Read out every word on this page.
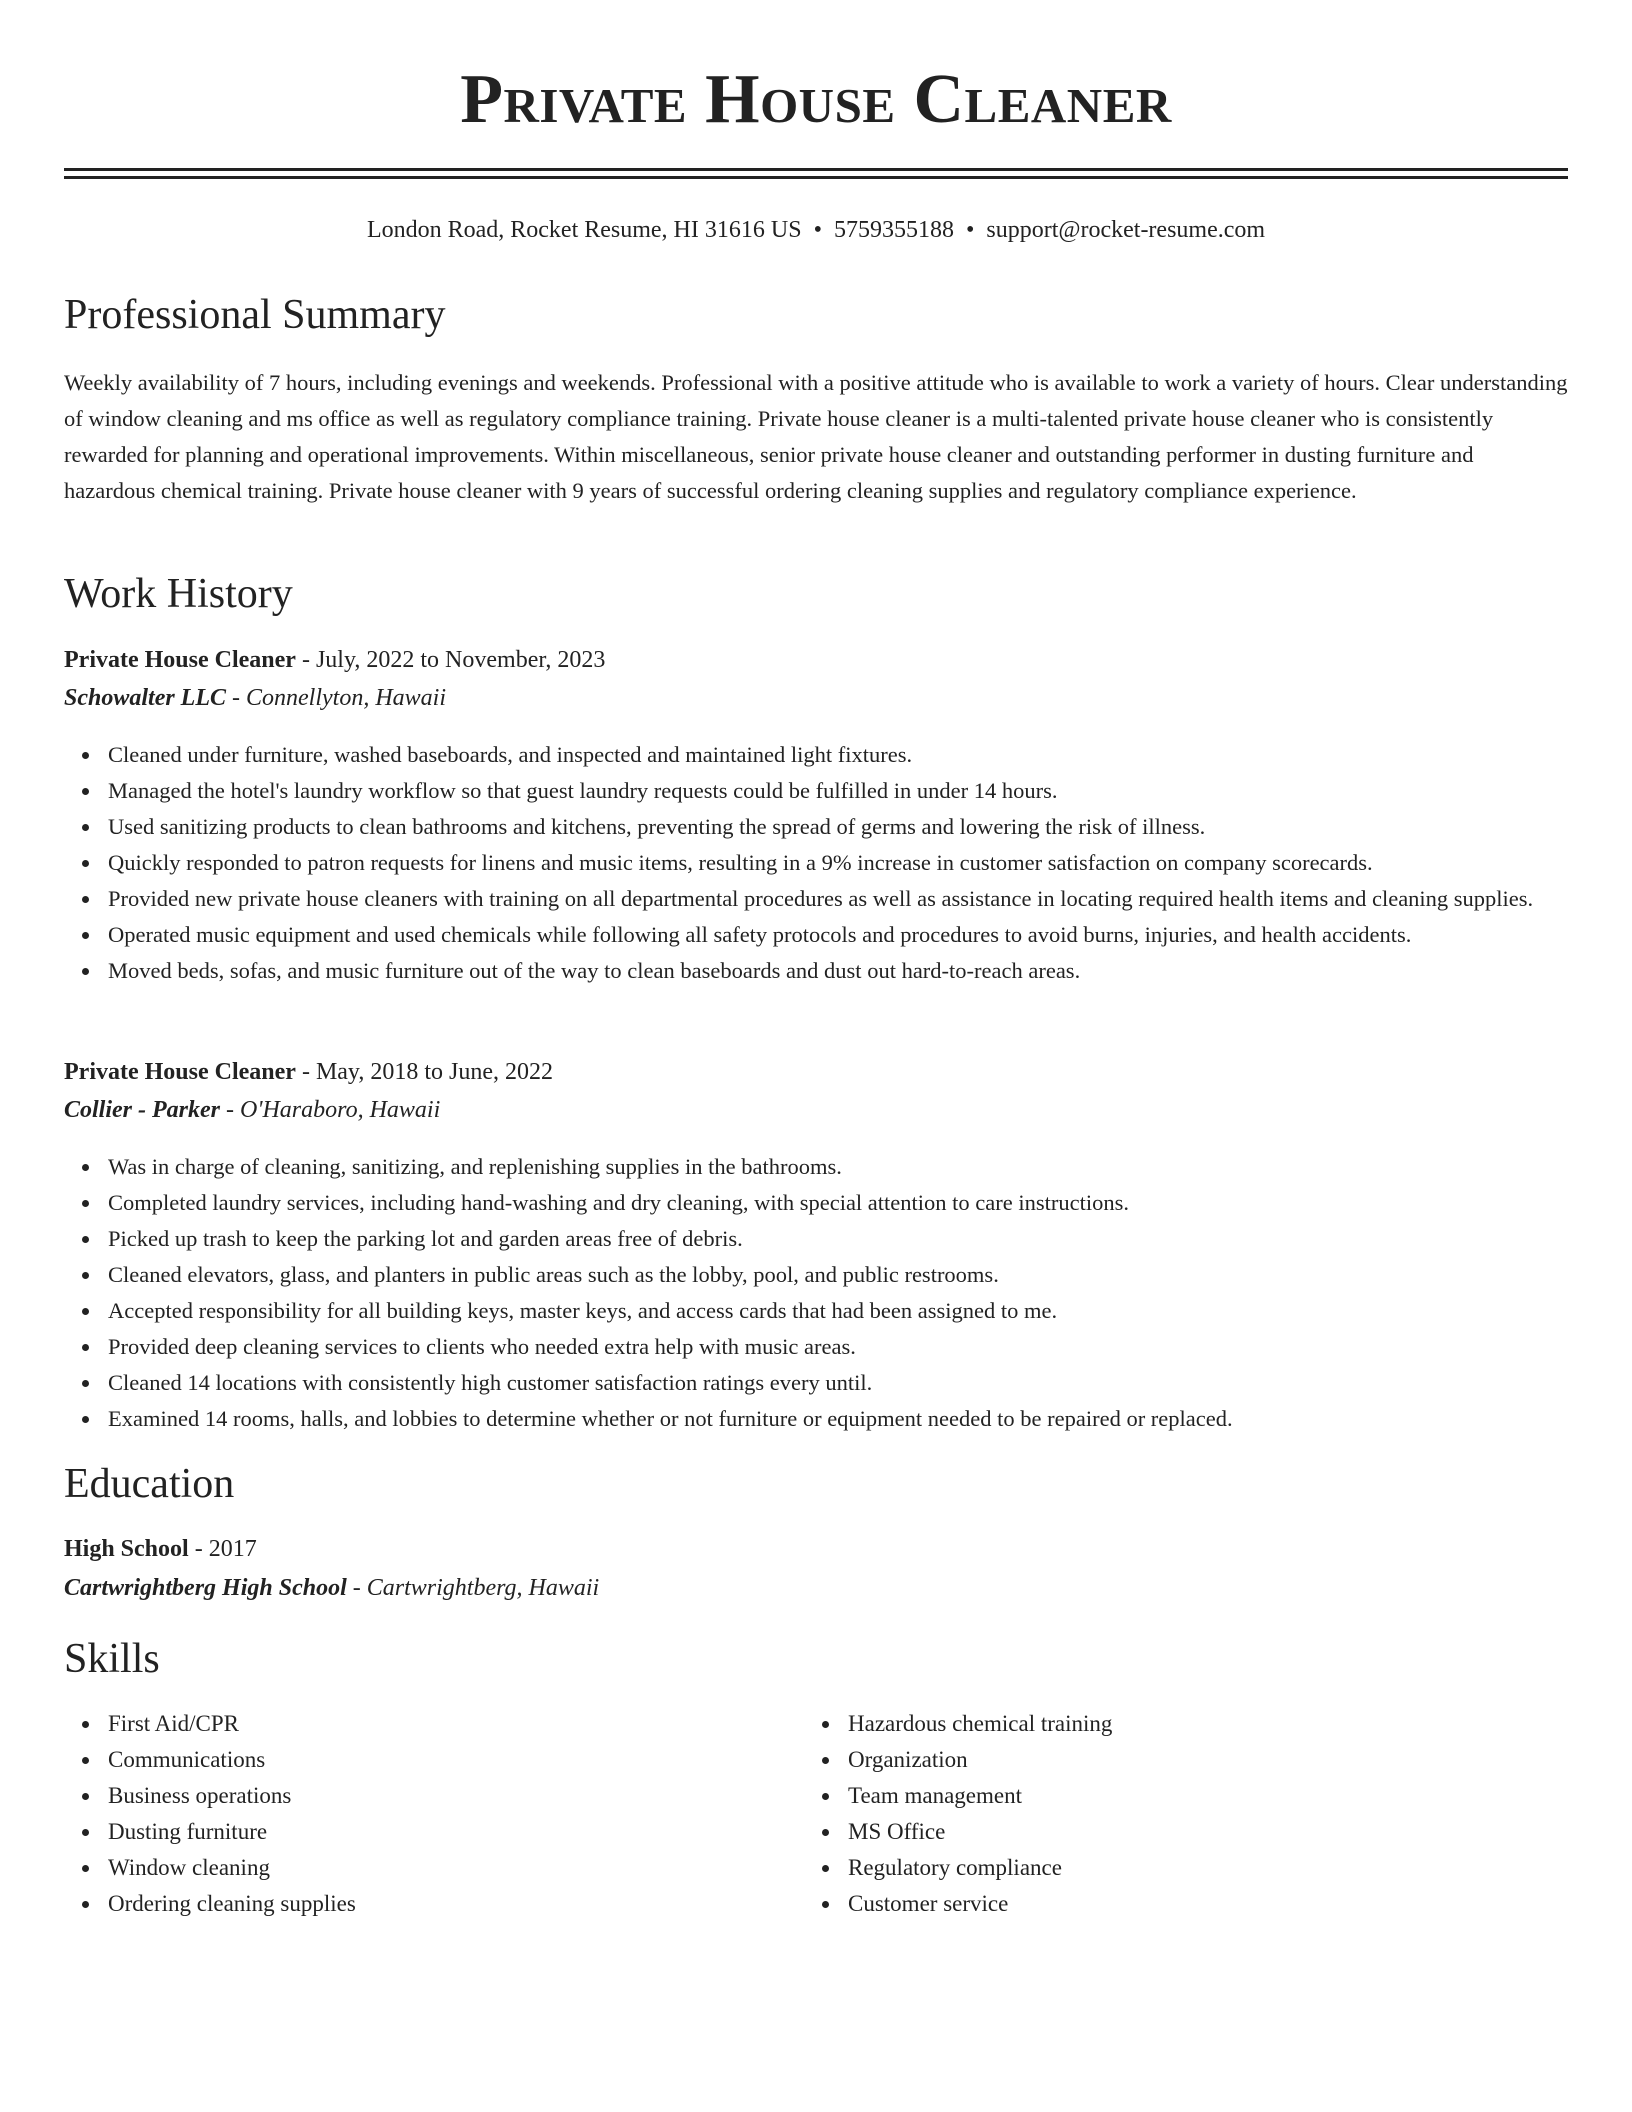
Private House Cleaner
London Road, Rocket Resume, HI 31616 US • 5759355188 • support@rocket-resume.com
Professional Summary

Weekly availability of 7 hours, including evenings and weekends. Professional with a positive attitude who is available to work a variety of hours. Clear understanding of window cleaning and ms office as well as regulatory compliance training. Private house cleaner is a multi-talented private house cleaner who is consistently rewarded for planning and operational improvements. Within miscellaneous, senior private house cleaner and outstanding performer in dusting furniture and hazardous chemical training. Private house cleaner with 9 years of successful ordering cleaning supplies and regulatory compliance experience.

Work History
Private House Cleaner - July, 2022 to November, 2023
Schowalter LLC - Connellyton, Hawaii
Cleaned under furniture, washed baseboards, and inspected and maintained light fixtures.
Managed the hotel's laundry workflow so that guest laundry requests could be fulfilled in under 14 hours.
Used sanitizing products to clean bathrooms and kitchens, preventing the spread of germs and lowering the risk of illness.
Quickly responded to patron requests for linens and music items, resulting in a 9% increase in customer satisfaction on company scorecards.
Provided new private house cleaners with training on all departmental procedures as well as assistance in locating required health items and cleaning supplies.
Operated music equipment and used chemicals while following all safety protocols and procedures to avoid burns, injuries, and health accidents.
Moved beds, sofas, and music furniture out of the way to clean baseboards and dust out hard-to-reach areas.
Private House Cleaner - May, 2018 to June, 2022
Collier - Parker - O'Haraboro, Hawaii
Was in charge of cleaning, sanitizing, and replenishing supplies in the bathrooms.
Completed laundry services, including hand-washing and dry cleaning, with special attention to care instructions.
Picked up trash to keep the parking lot and garden areas free of debris.
Cleaned elevators, glass, and planters in public areas such as the lobby, pool, and public restrooms.
Accepted responsibility for all building keys, master keys, and access cards that had been assigned to me.
Provided deep cleaning services to clients who needed extra help with music areas.
Cleaned 14 locations with consistently high customer satisfaction ratings every until.
Examined 14 rooms, halls, and lobbies to determine whether or not furniture or equipment needed to be repaired or replaced.
Education
High School - 2017
Cartwrightberg High School - Cartwrightberg, Hawaii
Skills
First Aid/CPR
Communications
Business operations
Dusting furniture
Window cleaning
Ordering cleaning supplies
Hazardous chemical training
Organization
Team management
MS Office
Regulatory compliance
Customer service
